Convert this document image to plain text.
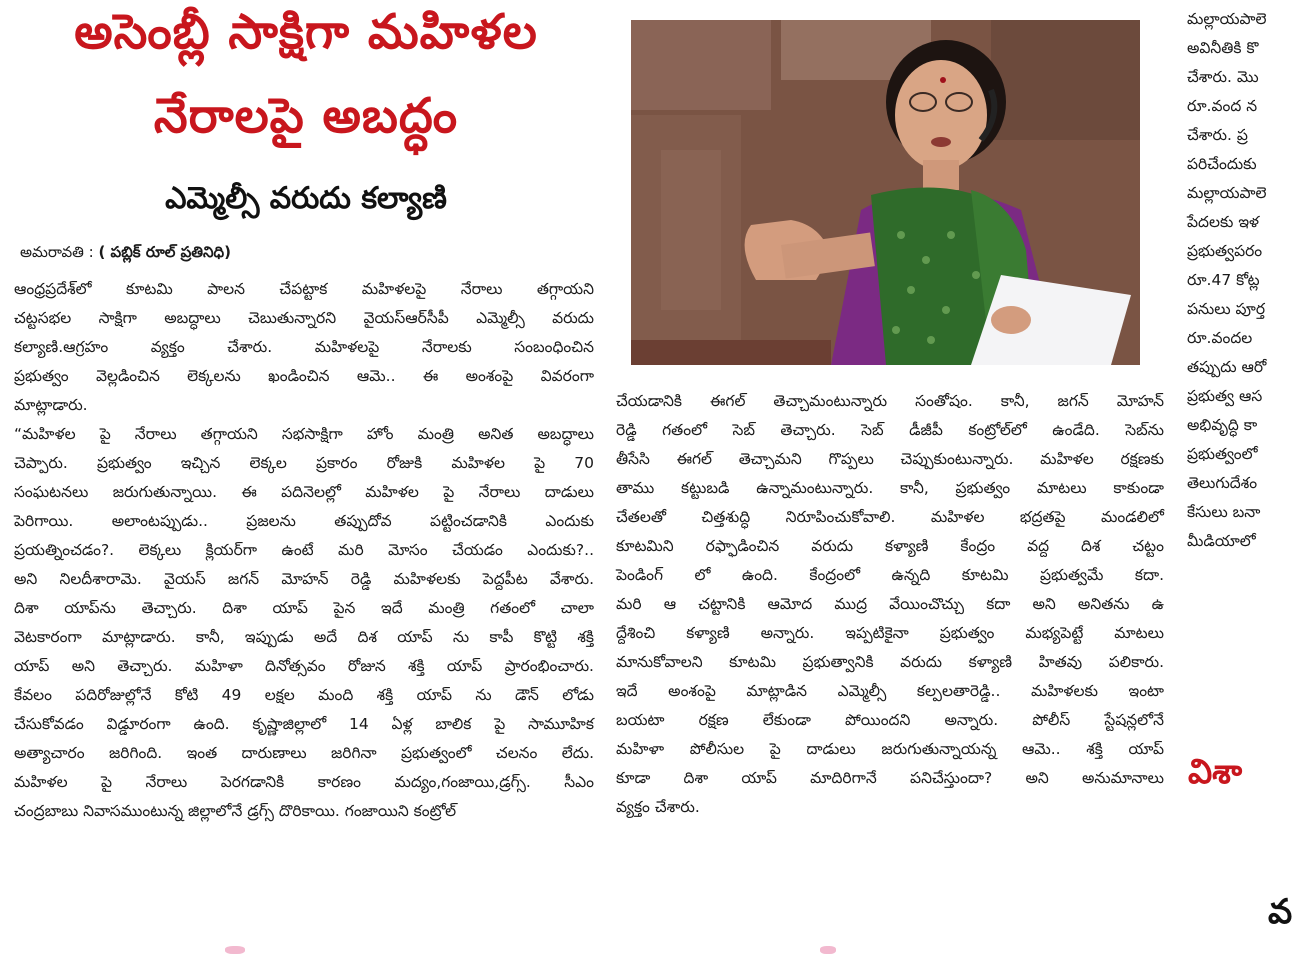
అసెంబ్లీ సాక్షిగా మహిళల
నేరాలపై అబద్ధం
ఎమ్మెల్సీ వరుదు కల్యాణి
అమరావతి : ( పబ్లిక్ రూల్ ప్రతినిధి)

ఆంధ్రప్రదేశ్‌లో కూటమి పాలన చేపట్టాక మహిళలపై నేరాలు తగ్గాయని

చట్టసభల సాక్షిగా అబద్ధాలు చెబుతున్నారని వైయస్‌ఆర్‌సీపీ ఎమ్మెల్సీ వరుదు

కల్యాణి.ఆగ్రహం వ్యక్తం చేశారు. మహిళలపై నేరాలకు సంబంధించిన

ప్రభుత్వం వెల్లడించిన లెక్కలను ఖండించిన ఆమె.. ఈ అంశంపై వివరంగా

మాట్లాడారు.

“మహిళల పై నేరాలు తగ్గాయని సభసాక్షిగా హోం మంత్రి అనిత అబద్ధాలు

చెప్పారు. ప్రభుత్వం ఇచ్చిన లెక్కల ప్రకారం రోజుకి మహిళల పై 70

సంఘటనలు జరుగుతున్నాయి. ఈ పదినెలల్లో మహిళల పై నేరాలు దాడులు

పెరిగాయి. అలాంటప్పుడు.. ప్రజలను తప్పుదోవ పట్టించడానికి ఎందుకు

ప్రయత్నించడం?. లెక్కలు క్లియర్‌గా ఉంటే మరి మోసం చేయడం ఎందుకు?..

అని నిలదీశారామె. వైయస్ జగన్ మోహన్ రెడ్డి మహిళలకు పెద్దపీట వేశారు.

దిశా యాప్‌ను తెచ్చారు. దిశా యాప్ పైన ఇదే మంత్రి గతంలో చాలా

వెటకారంగా మాట్లాడారు. కానీ, ఇప్పుడు అదే దిశ యాప్ ను కాపీ కొట్టి శక్తి

యాప్ అని తెచ్చారు. మహిళా దినోత్సవం రోజున శక్తి యాప్ ప్రారంభించారు.

కేవలం పదిరోజుల్లోనే కోటి 49 లక్షల మంది శక్తి యాప్ ను డౌన్ లోడు

చేసుకోవడం విడ్డూరంగా ఉంది. కృష్ణాజిల్లాలో 14 ఏళ్ల బాలిక పై సామూహిక

అత్యాచారం జరిగింది. ఇంత దారుణాలు జరిగినా ప్రభుత్వంలో చలనం లేదు.

మహిళల పై నేరాలు పెరగడానికి కారణం మద్యం,గంజాయి,డ్రగ్స్. సీఎం

చంద్రబాబు నివాసముంటున్న జిల్లాలోనే డ్రగ్స్ దొరికాయి. గంజాయిని కంట్రోల్

చేయడానికి ఈగల్ తెచ్చామంటున్నారు సంతోషం. కానీ, జగన్ మోహన్

రెడ్డి గతంలో సెబ్ తెచ్చారు. సెబ్ డీజీపీ కంట్రోల్‌లో ఉండేది. సెబ్‌ను

తీసేసి ఈగల్ తెచ్చామని గొప్పలు చెప్పుకుంటున్నారు. మహిళల రక్షణకు

తాము కట్టుబడి ఉన్నామంటున్నారు. కానీ, ప్రభుత్వం మాటలు కాకుండా

చేతలతో చిత్తశుద్ధి నిరూపించుకోవాలి. మహిళల భద్రతపై మండలిలో

కూటమిని రఫ్ఫాడించిన వరుదు కళ్యాణి కేంద్రం వద్ద దిశ చట్టం

పెండింగ్ లో ఉంది. కేంద్రంలో ఉన్నది కూటమి ప్రభుత్వమే కదా.

మరి ఆ చట్టానికి ఆమోద ముద్ర వేయించొచ్చు కదా అని అనితను ఉ

ద్దేశించి కళ్యాణి అన్నారు. ఇప్పటికైనా ప్రభుత్వం మభ్యపెట్టే మాటలు

మానుకోవాలని కూటమి ప్రభుత్వానికి వరుదు కళ్యాణి హితవు పలికారు.

ఇదే అంశంపై మాట్లాడిన ఎమ్మెల్సీ కల్పలతారెడ్డి.. మహిళలకు ఇంటా

బయటా రక్షణ లేకుండా పోయిందని అన్నారు. పోలీస్ స్టేషన్లలోనే

మహిళా పోలీసుల పై దాడులు జరుగుతున్నాయన్న ఆమె.. శక్తి యాప్

కూడా దిశా యాప్ మాదిరిగానే పనిచేస్తుందా? అని అనుమానాలు

వ్యక్తం చేశారు.

మల్లాయపాలె

అవినీతికి కొ

చేశారు. మొ

రూ.వంద న

చేశారు. ప్ర

పరిచేందుకు

మల్లాయపాలె

పేదలకు ఇళ

ప్రభుత్వపరం

రూ.47 కోట్ల

పనులు పూర్త

రూ.వందల

తప్పుదు ఆరో

ప్రభుత్వ ఆస

అభివృద్ధి కా

ప్రభుత్వంలో

తెలుగుదేశం

కేసులు బనా

మీడియాలో

విశా
వ
